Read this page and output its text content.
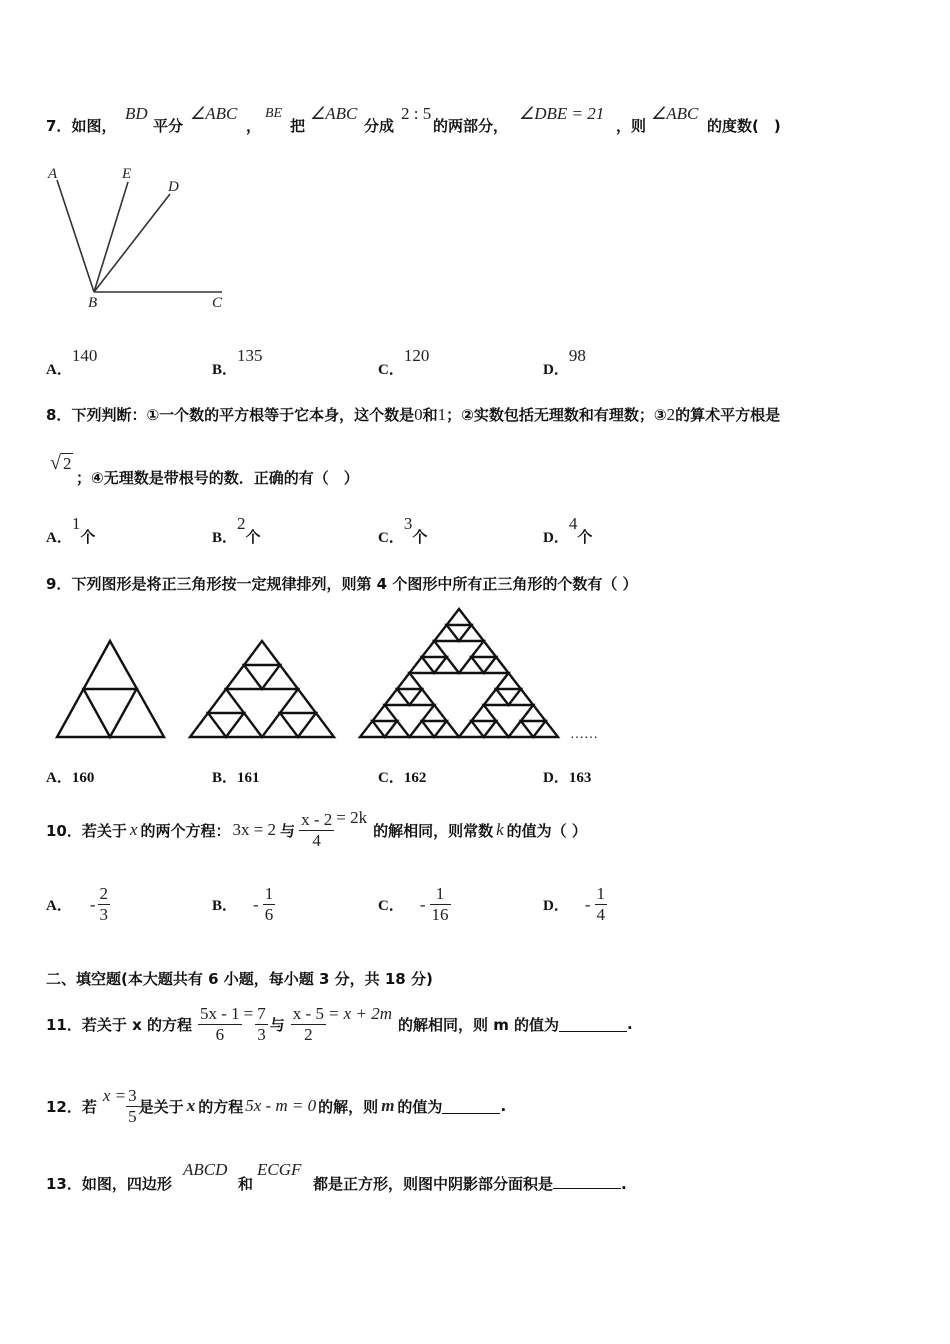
7．如图，
BD
平分
∠ABC
，
BE
把
∠ABC
分成
2 : 5
的两部分，
∠DBE = 21
，则
∠ABC
的度数(　)
A	E
D
B	C
A．140
B．135
C．120
D．98
8．下列判断：①一个数的平方根等于它本身，这个数是0和1；②实数包括无理数和有理数；③2的算术平方根是
√ 2
；④无理数是带根号的数．正确的有（　）
A．1个	B．2个	C．3个	D．4个
9．下列图形是将正三角形按一定规律排列，则第 4 个图形中所有正三角形的个数有（ ）
……
A．160	B．161	C．162	D．163
10． 若关于 x 的两个方程： 3x = 2 与 $\frac{x - 2}{4} = 2k$
的解相同，则常数 k 的值为（ ）
A． - $\frac{2}{3}$	B． - $\frac{1}{6}$	C． - $\frac{1}{16}$	D． - $\frac{1}{4}$
二、填空题(本大题共有 6 小题，每小题 3 分，共 18 分)
11． 若关于 x 的方程 $\frac{5x - 1}{6} = \frac{7}{3}$ 与 $\frac{x - 5}{2} = x + 2m$
的解相同，则 m 的值为	.
12． 若
$x = \frac{3}{5}$ 是关于 x 的方程 5x - m = 0 的解，则 m 的值为	.
13．如图，四边形
ABCD
和
ECGF
都是正方形，则图中阴影部分面积是	.
